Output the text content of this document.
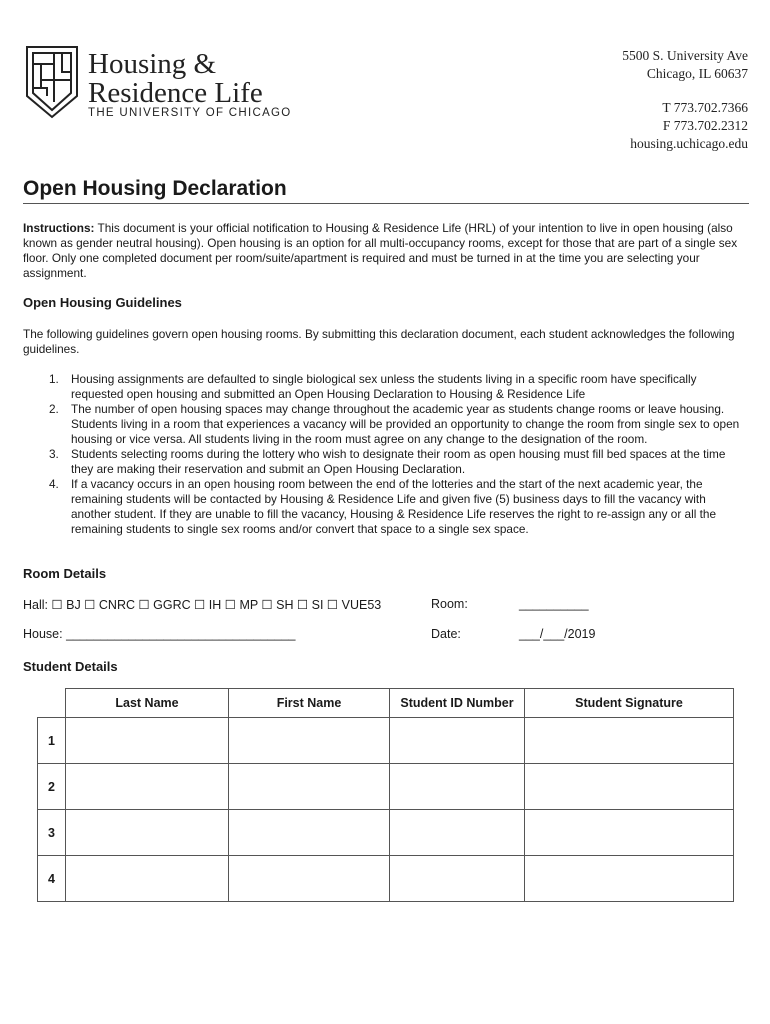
Housing &
Residence Life
THE UNIVERSITY OF CHICAGO
5500 S. University Ave
Chicago, IL 60637
T 773.702.7366
F 773.702.2312
housing.uchicago.edu
Open Housing Declaration
Instructions: This document is your official notification to Housing & Residence Life (HRL) of your intention to live in open housing (also known as gender neutral housing). Open housing is an option for all multi-occupancy rooms, except for those that are part of a single sex floor. Only one completed document per room/suite/apartment is required and must be turned in at the time you are selecting your assignment.
Open Housing Guidelines
The following guidelines govern open housing rooms. By submitting this declaration document, each student acknowledges the following guidelines.
1. Housing assignments are defaulted to single biological sex unless the students living in a specific room have specifically requested open housing and submitted an Open Housing Declaration to Housing & Residence Life
2. The number of open housing spaces may change throughout the academic year as students change rooms or leave housing. Students living in a room that experiences a vacancy will be provided an opportunity to change the room from single sex to open housing or vice versa. All students living in the room must agree on any change to the designation of the room.
3. Students selecting rooms during the lottery who wish to designate their room as open housing must fill bed spaces at the time they are making their reservation and submit an Open Housing Declaration.
4. If a vacancy occurs in an open housing room between the end of the lotteries and the start of the next academic year, the remaining students will be contacted by Housing & Residence Life and given five (5) business days to fill the vacancy with another student. If they are unable to fill the vacancy, Housing & Residence Life reserves the right to re-assign any or all the remaining students to single sex rooms and/or convert that space to a single sex space.
Room Details
Hall: ☐ BJ ☐ CNRC ☐ GGRC ☐ IH ☐ MP ☐ SH ☐ SI ☐ VUE53	Room:	__________
House: _________________________________	Date:	___/___/2019
Student Details
	Last Name	First Name	Student ID Number	Student Signature
1				
2				
3				
4				
